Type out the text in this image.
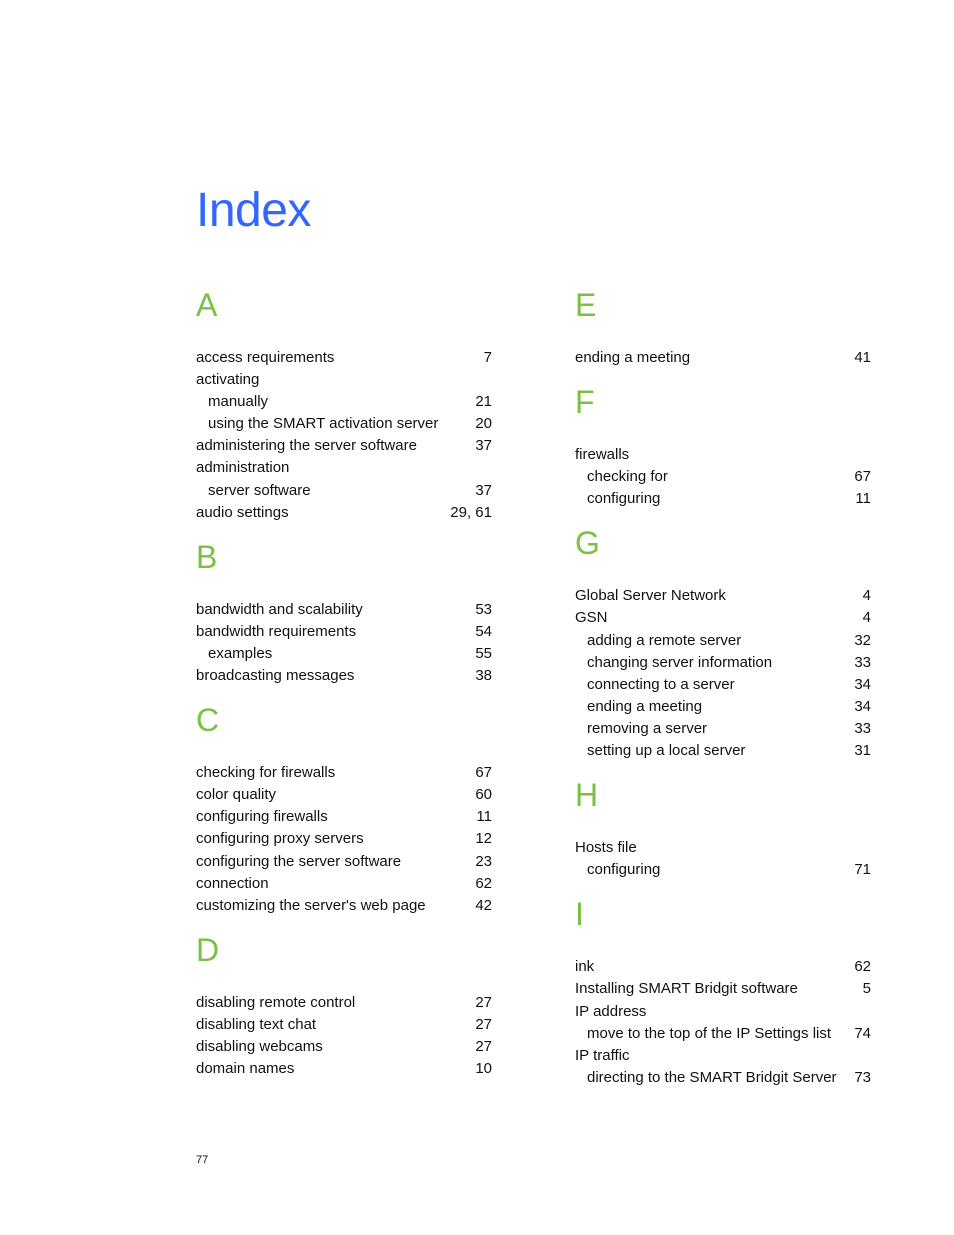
Index
A
access requirements	7
activating
manually	21
using the SMART activation server 20
administering the server software	37
administration
server software	37
audio settings	29, 61
B
bandwidth and scalability	53
bandwidth requirements	54
examples	55
broadcasting messages	38
C
checking for firewalls	67
color quality	60
configuring firewalls	11
configuring proxy servers	12
configuring the server software	23
connection	62
customizing the server's web page	42
D
disabling remote control	27
disabling text chat	27
disabling webcams	27
domain names	10
E
ending a meeting	41
F
firewalls
checking for	67
configuring	11
G
Global Server Network	4
GSN	4
adding a remote server	32
changing server information	33
connecting to a server	34
ending a meeting	34
removing a server	33
setting up a local server	31
H
Hosts file
configuring	71
I
ink	62
Installing SMART Bridgit software	5
IP address
move to the top of the IP Settings list 74
IP traffic
directing to the SMART Bridgit Server 73
77
